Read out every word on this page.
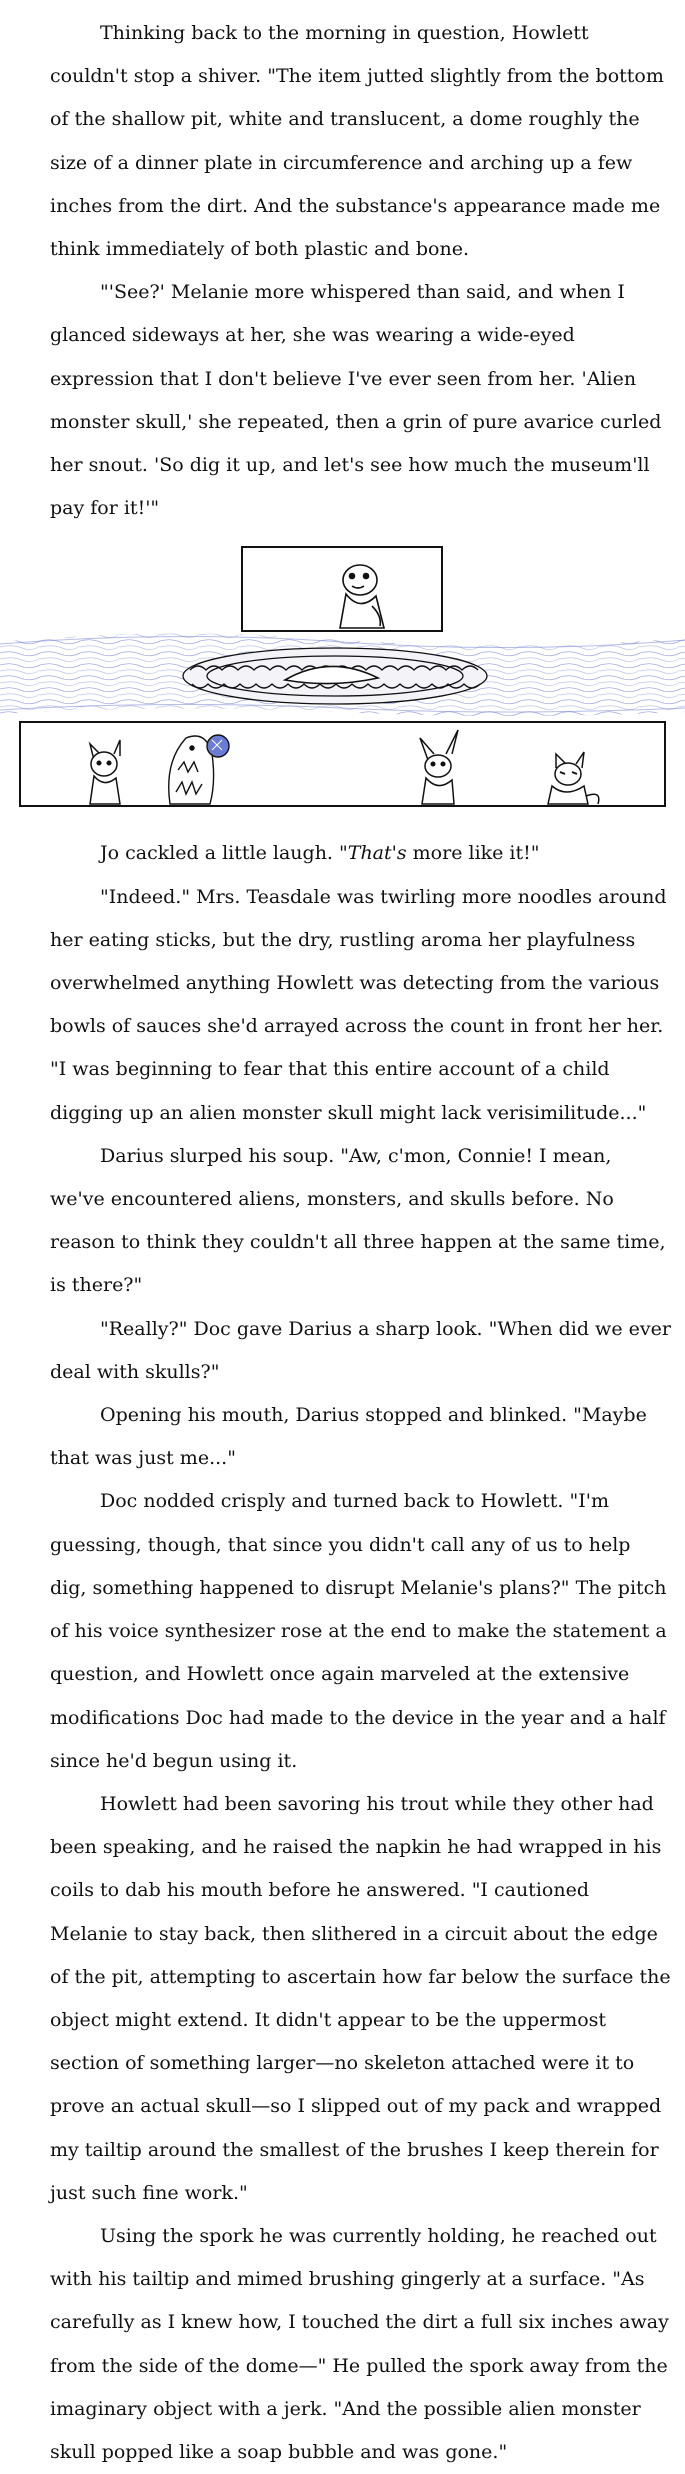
Thinking back to the morning in question, Howlett couldn't stop a shiver. "The item jutted slightly from the bottom of the shallow pit, white and translucent, a dome roughly the size of a dinner plate in circumference and arching up a few inches from the dirt. And the substance's appearance made me think immediately of both plastic and bone.

"'See?' Melanie more whispered than said, and when I glanced sideways at her, she was wearing a wide-eyed expression that I don't believe I've ever seen from her. 'Alien monster skull,' she repeated, then a grin of pure avarice curled her snout. 'So dig it up, and let's see how much the museum'll pay for it!'"

Jo cackled a little laugh. "That's more like it!"

"Indeed." Mrs. Teasdale was twirling more noodles around her eating sticks, but the dry, rustling aroma her playfulness overwhelmed anything Howlett was detecting from the various bowls of sauces she'd arrayed across the count in front her her. "I was beginning to fear that this entire account of a child digging up an alien monster skull might lack verisimilitude..."

Darius slurped his soup. "Aw, c'mon, Connie! I mean, we've encountered aliens, monsters, and skulls before. No reason to think they couldn't all three happen at the same time, is there?"

"Really?" Doc gave Darius a sharp look. "When did we ever deal with skulls?"

Opening his mouth, Darius stopped and blinked. "Maybe that was just me..."

Doc nodded crisply and turned back to Howlett. "I'm guessing, though, that since you didn't call any of us to help dig, something happened to disrupt Melanie's plans?" The pitch of his voice synthesizer rose at the end to make the statement a question, and Howlett once again marveled at the extensive modifications Doc had made to the device in the year and a half since he'd begun using it.

Howlett had been savoring his trout while they other had been speaking, and he raised the napkin he had wrapped in his coils to dab his mouth before he answered. "I cautioned Melanie to stay back, then slithered in a circuit about the edge of the pit, attempting to ascertain how far below the surface the object might extend. It didn't appear to be the uppermost section of something larger—no skeleton attached were it to prove an actual skull—so I slipped out of my pack and wrapped my tailtip around the smallest of the brushes I keep therein for just such fine work."

Using the spork he was currently holding, he reached out with his tailtip and mimed brushing gingerly at a surface. "As carefully as I knew how, I touched the dirt a full six inches away from the side of the dome—" He pulled the spork away from the imaginary object with a jerk. "And the possible alien monster skull popped like a soap bubble and was gone."
